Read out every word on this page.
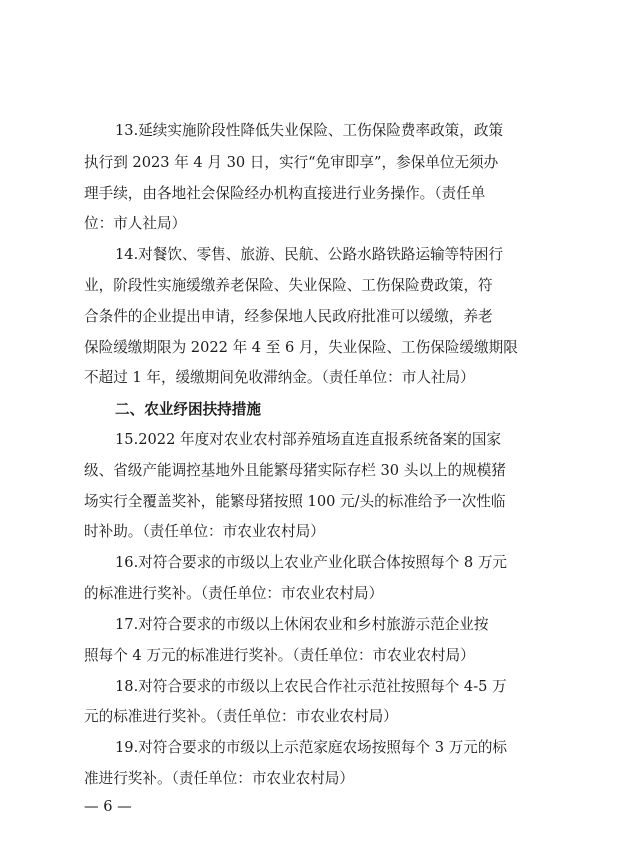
13.延续实施阶段性降低失业保险、工伤保险费率政策，政策
执行到 2023 年 4 月 30 日，实行“免审即享”，参保单位无须办
理手续，由各地社会保险经办机构直接进行业务操作。（责任单
位：市人社局）
14.对餐饮、零售、旅游、民航、公路水路铁路运输等特困行
业，阶段性实施缓缴养老保险、失业保险、工伤保险费政策，符
合条件的企业提出申请，经参保地人民政府批准可以缓缴，养老
保险缓缴期限为 2022 年 4 至 6 月，失业保险、工伤保险缓缴期限
不超过 1 年，缓缴期间免收滞纳金。（责任单位：市人社局）
二、农业纾困扶持措施
15.2022 年度对农业农村部养殖场直连直报系统备案的国家
级、省级产能调控基地外且能繁母猪实际存栏 30 头以上的规模猪
场实行全覆盖奖补，能繁母猪按照 100 元/头的标准给予一次性临
时补助。（责任单位：市农业农村局）
16.对符合要求的市级以上农业产业化联合体按照每个 8 万元
的标准进行奖补。（责任单位：市农业农村局）
17.对符合要求的市级以上休闲农业和乡村旅游示范企业按
照每个 4 万元的标准进行奖补。（责任单位：市农业农村局）
18.对符合要求的市级以上农民合作社示范社按照每个 4-5 万
元的标准进行奖补。（责任单位：市农业农村局）
19.对符合要求的市级以上示范家庭农场按照每个 3 万元的标
准进行奖补。（责任单位：市农业农村局）
— 6 —
